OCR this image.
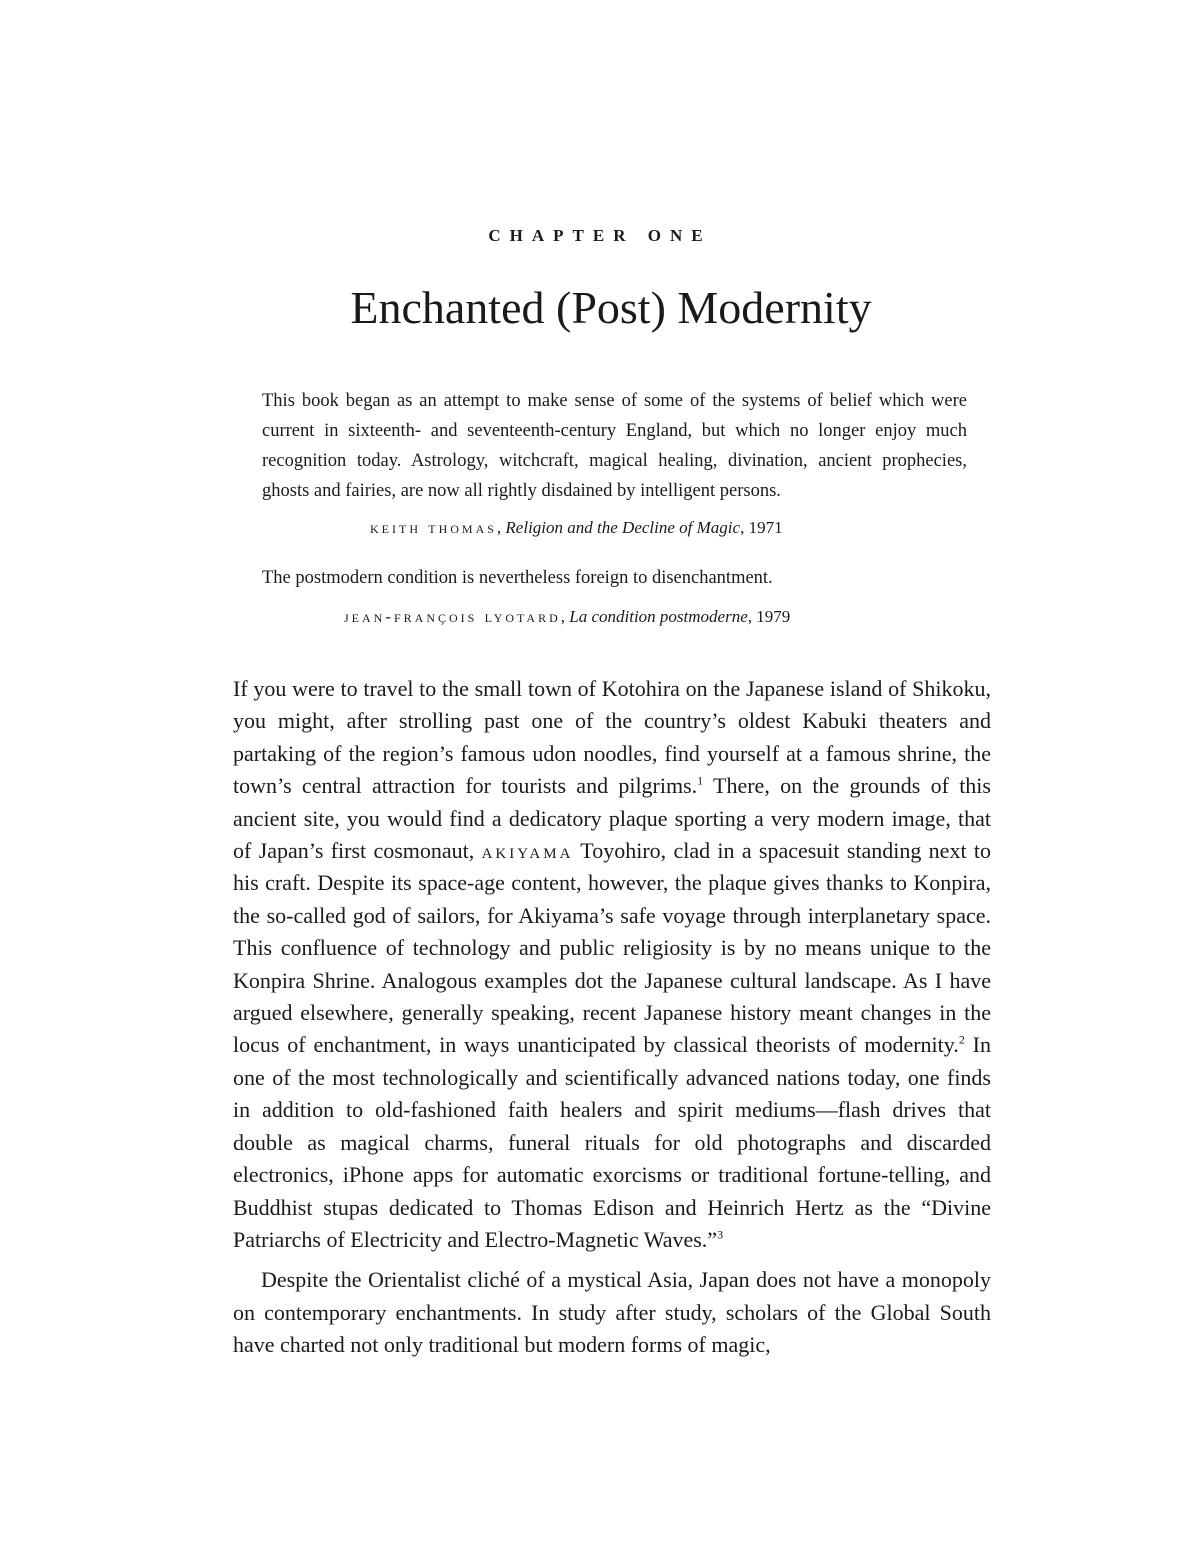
CHAPTER ONE
Enchanted (Post) Modernity

This book began as an attempt to make sense of some of the systems of belief which were current in sixteenth- and seventeenth-century England, but which no longer enjoy much recognition today. Astrology, witchcraft, magical healing, divination, ancient prophecies, ghosts and fairies, are now all rightly disdained by intelligent persons.

keith thomas, Religion and the Decline of Magic, 1971

The postmodern condition is nevertheless foreign to disenchantment.

jean-françois lyotard, La condition postmoderne, 1979

If you were to travel to the small town of Kotohira on the Japanese island of Shikoku, you might, after strolling past one of the country’s oldest Kabuki theaters and partaking of the region’s famous udon noodles, find yourself at a famous shrine, the town’s central attraction for tourists and pilgrims.$^1$ There, on the grounds of this ancient site, you would find a dedicatory plaque sporting a very modern image, that of Japan’s first cosmonaut, akiyama Toyohiro, clad in a spacesuit standing next to his craft. Despite its space-age content, however, the plaque gives thanks to Konpira, the so-called god of sailors, for Akiyama’s safe voyage through interplanetary space. This confluence of technology and public religiosity is by no means unique to the Konpira Shrine. Analogous examples dot the Japanese cultural landscape. As I have argued elsewhere, generally speaking, recent Japanese history meant changes in the locus of enchantment, in ways unanticipated by classical theorists of modernity.$^2$ In one of the most technologically and scientifically advanced nations today, one finds in addition to old-fashioned faith healers and spirit mediums—flash drives that double as magical charms, funeral rituals for old photographs and discarded electronics, iPhone apps for automatic exorcisms or traditional fortune-telling, and Buddhist stupas dedicated to Thomas Edison and Heinrich Hertz as the “Divine Patriarchs of Electricity and Electro-Magnetic Waves.”$^3$

Despite the Orientalist cliché of a mystical Asia, Japan does not have a monopoly on contemporary enchantments. In study after study, scholars of the Global South have charted not only traditional but modern forms of magic,
